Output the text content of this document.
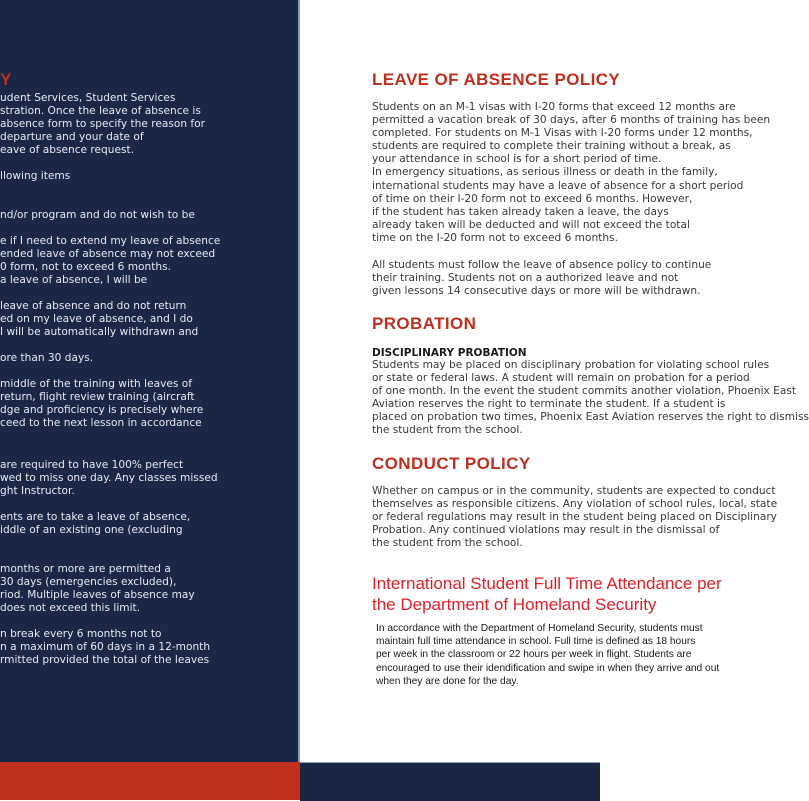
Y
udent Services, Student Services
stration. Once the leave of absence is
absence form to specify the reason for
departure and your date of
eave of absence request.
llowing items
nd/or program and do not wish to be
e if I need to extend my leave of absence
ended leave of absence may not exceed
0 form, not to exceed 6 months.
a leave of absence, I will be
leave of absence and do not return
ed on my leave of absence, and I do
I will be automatically withdrawn and
ore than 30 days.
middle of the training with leaves of
return, flight review training (aircraft
dge and proficiency is precisely where
ceed to the next lesson in accordance
are required to have 100% perfect
wed to miss one day. Any classes missed
ght Instructor.
ents are to take a leave of absence,
iddle of an existing one (excluding
months or more are permitted a
30 days (emergencies excluded),
riod. Multiple leaves of absence may
does not exceed this limit.
n break every 6 months not to
n a maximum of 60 days in a 12-month
rmitted provided the total of the leaves
LEAVE OF ABSENCE POLICY
Students on an M-1 visas with I-20 forms that exceed 12 months are
permitted a vacation break of 30 days, after 6 months of training has been
completed. For students on M-1 Visas with I-20 forms under 12 months,
students are required to complete their training without a break, as
your attendance in school is for a short period of time.
In emergency situations, as serious illness or death in the family,
international students may have a leave of absence for a short period
of time on their I-20 form not to exceed 6 months. However,
if the student has taken already taken a leave, the days
already taken will be deducted and will not exceed the total
time on the I-20 form not to exceed 6 months.
All students must follow the leave of absence policy to continue
their training. Students not on a authorized leave and not
given lessons 14 consecutive days or more will be withdrawn.
PROBATION
DISCIPLINARY PROBATION
Students may be placed on disciplinary probation for violating school rules
or state or federal laws. A student will remain on probation for a period
of one month. In the event the student commits another violation, Phoenix East
Aviation reserves the right to terminate the student. If a student is
placed on probation two times, Phoenix East Aviation reserves the right to dismiss
the student from the school.
CONDUCT POLICY
Whether on campus or in the community, students are expected to conduct
themselves as responsible citizens. Any violation of school rules, local, state
or federal regulations may result in the student being placed on Disciplinary
Probation. Any continued violations may result in the dismissal of
the student from the school.
International Student Full Time Attendance per
the Department of Homeland Security
In accordance with the Department of Homeland Security, students must
maintain full time attendance in school. Full time is defined as 18 hours
per week in the classroom or 22 hours per week in flight. Students are
encouraged to use their idendification and swipe in when they arrive and out
when they are done for the day.
